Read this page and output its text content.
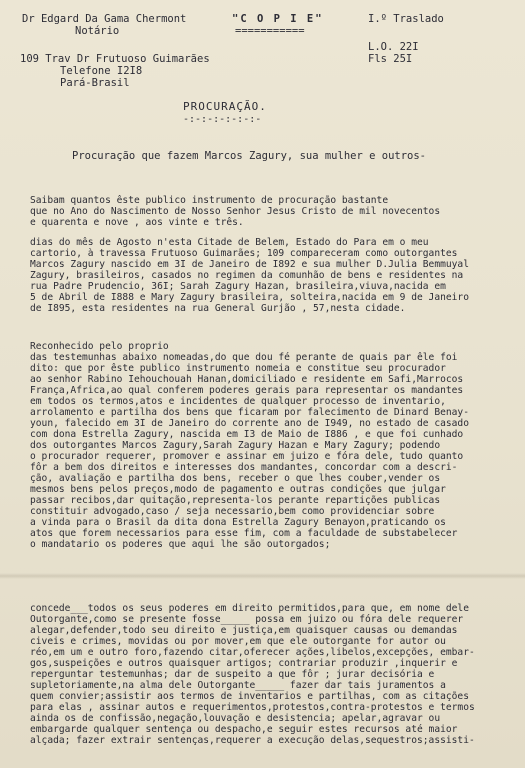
Dr Edgard Da Gama Chermont
Notário
"C O P I E"
===========
I.º Traslado
L.O. 22I
Fls 25I
109 Trav Dr Frutuoso Guimarães
Telefone I2I8
Pará-Brasil
PROCURAÇÃO.
-:-:-:-:-:-:-
Procuração que fazem Marcos Zagury, sua mulher e outros-
Saibam quantos êste publico instrumento de procuração bastante
que no Ano do Nascimento de Nosso Senhor Jesus Cristo de mil novecentos
e quarenta e nove , aos vinte e três.
dias do mês de Agosto n'esta Citade de Belem, Estado do Para em o meu
cartorio, à travessa Frutuoso Guimarães; 109 compareceram como outorgantes
Marcos Zagury nascido em 3I de Janeiro de I892 e sua mulher D.Julia Bemmuyal
Zagury, brasileiros, casados no regimen da comunhão de bens e residentes na
rua Padre Prudencio, 36I; Sarah Zagury Hazan, brasileira,viuva,nacida em
5 de Abril de I888 e Mary Zagury brasileira, solteira,nacida em 9 de Janeiro
de I895, esta residentes na rua General Gurjão , 57,nesta cidade.
Reconhecido pelo proprio
das testemunhas abaixo nomeadas,do que dou fé perante de quais par êle foi
dito: que por êste publico instrumento nomeia e constitue seu procurador
ao senhor Rabino Iehouchouah Hanan,domiciliado e residente em Safi,Marrocos
França,Africa,ao qual conferem poderes gerais para representar os mandantes
em todos os termos,atos e incidentes de qualquer processo de inventario,
arrolamento e partilha dos bens que ficaram por falecimento de Dinard Benay-
youn, falecido em 3I de Janeiro do corrente ano de I949, no estado de casado
com dona Estrella Zagury, nascida em I3 de Maio de I886 , e que foi cunhado
dos outorgantes Marcos Zagury,Sarah Zagury Hazan e Mary Zagury; podendo
o procurador requerer, promover e assinar em juizo e fóra dele, tudo quanto
fôr a bem dos direitos e interesses dos mandantes, concordar com a descri-
ção, avaliação e partilha dos bens, receber o que lhes couber,vender os
mesmos bens pelos preços,modo de pagamento e outras condições que julgar
passar recibos,dar quitação,representa-los perante repartições publicas
constituir advogado,caso / seja necessario,bem como providenciar sobre
a vinda para o Brasil da dita dona Estrella Zagury Benayon,praticando os
atos que forem necessarios para esse fim, com a faculdade de substabelecer
o mandatario os poderes que aqui lhe são outorgados;
concede___todos os seus poderes em direito permitidos,para que, em nome dele
Outorgante,como se presente fosse_____ possa em juizo ou fóra dele requerer
alegar,defender,todo seu direito e justiça,em quaisquer causas ou demandas
civeis e crimes, movidas ou por mover,em que ele outorgante for autor ou
réo,em um e outro foro,fazendo citar,oferecer ações,libelos,excepções, embar-
gos,suspeições e outros quaisquer artigos; contrariar produzir ,inquerir e
reperguntar testemunhas; dar de suspeito a que fôr ; jurar decisória e
supletoriamente,na alma dele Outorgante_____ fazer dar tais juramentos a
quem convier;assistir aos termos de inventarios e partilhas, com as citações
para elas , assinar autos e requerimentos,protestos,contra-protestos e termos
ainda os de confissão,negação,louvação e desistencia; apelar,agravar ou
embargarde qualquer sentença ou despacho,e seguir estes recursos até maior
alçada; fazer extrair sentenças,requerer a execução delas,sequestros;assisti-
